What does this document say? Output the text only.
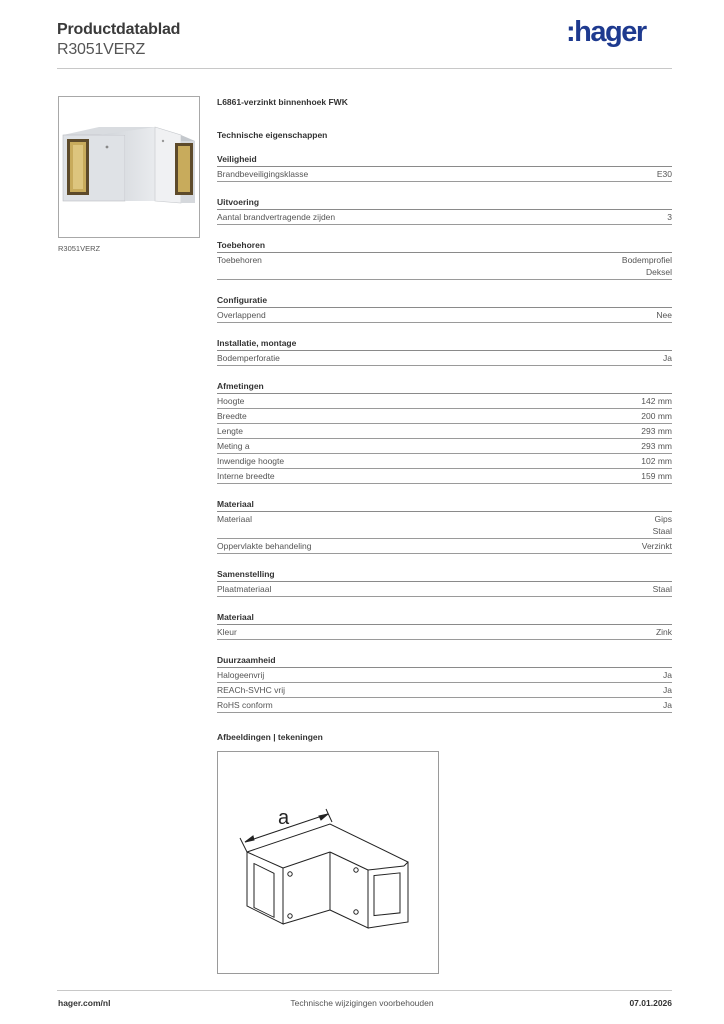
Productdatablad
R3051VERZ
:hager
R3051VERZ
L6861-verzinkt binnenhoek FWK
Technische eigenschappen
Veiligheid
Brandbeveiligingsklasse	E30
Uitvoering
Aantal brandvertragende zijden	3
Toebehoren
Toebehoren	Bodemprofiel
Deksel
Configuratie
Overlappend	Nee
Installatie, montage
Bodemperforatie	Ja
Afmetingen
Hoogte	142 mm
Breedte	200 mm
Lengte	293 mm
Meting a	293 mm
Inwendige hoogte	102 mm
Interne breedte	159 mm
Materiaal
Materiaal	Gips
Staal
Oppervlakte behandeling	Verzinkt
Samenstelling
Plaatmateriaal	Staal
Materiaal
Kleur	Zink
Duurzaamheid
Halogeenvrij	Ja
REACh-SVHC vrij	Ja
RoHS conform	Ja
Afbeeldingen | tekeningen
a
hager.com/nl	Technische wijzigingen voorbehouden	07.01.2026
